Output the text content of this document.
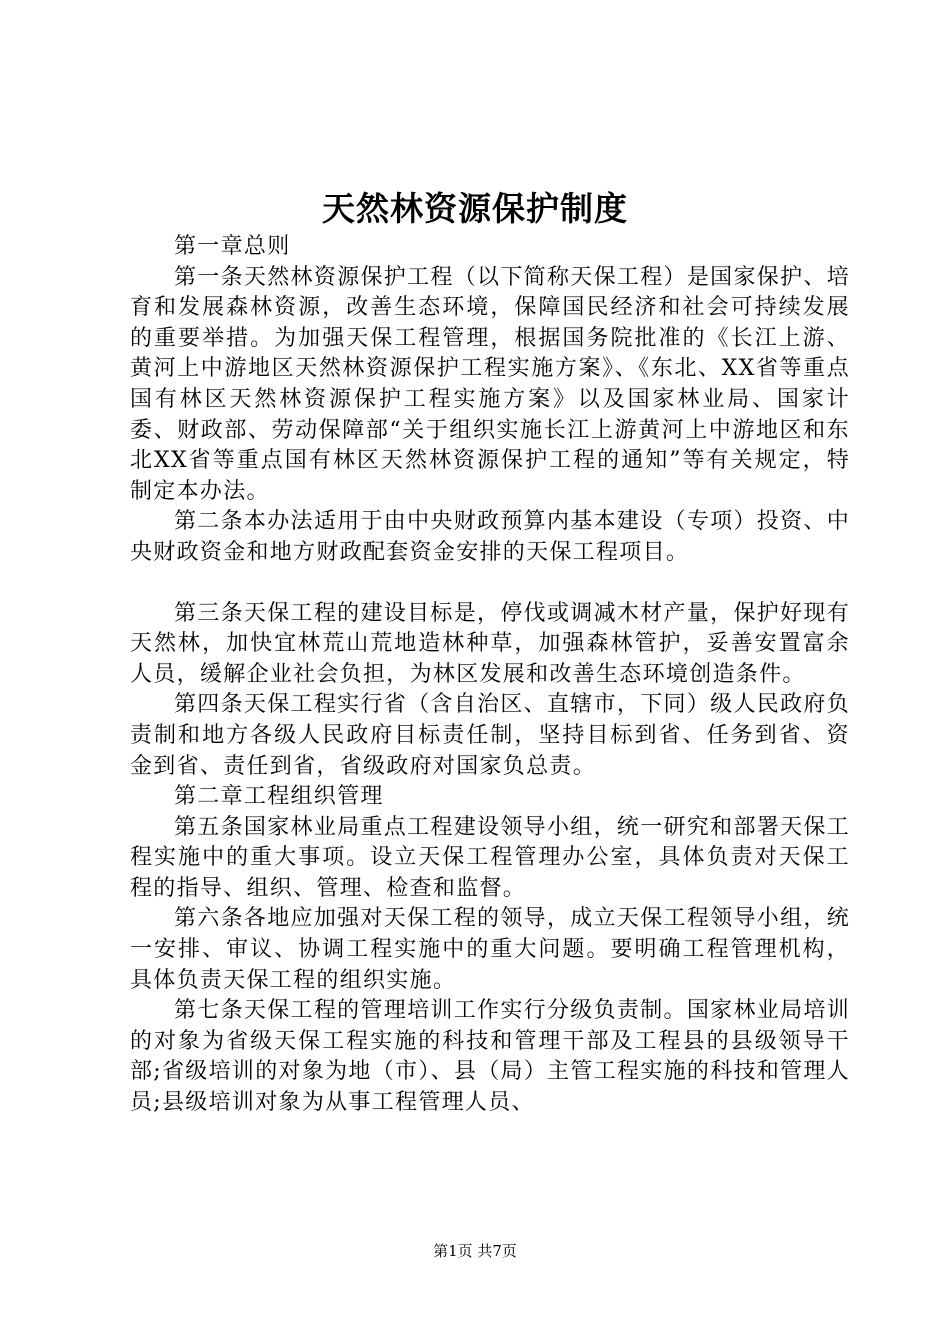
天然林资源保护制度

第一章总则

第一条天然林资源保护工程（以下简称天保工程）是国家保护、培育和发展森林资源，改善生态环境，保障国民经济和社会可持续发展的重要举措。为加强天保工程管理，根据国务院批准的《长江上游、黄河上中游地区天然林资源保护工程实施方案》、《东北、XX省等重点国有林区天然林资源保护工程实施方案》以及国家林业局、国家计委、财政部、劳动保障部“关于组织实施长江上游黄河上中游地区和东北XX省等重点国有林区天然林资源保护工程的通知”等有关规定，特制定本办法。

第二条本办法适用于由中央财政预算内基本建设（专项）投资、中央财政资金和地方财政配套资金安排的天保工程项目。

第三条天保工程的建设目标是，停伐或调减木材产量，保护好现有天然林，加快宜林荒山荒地造林种草，加强森林管护，妥善安置富余人员，缓解企业社会负担，为林区发展和改善生态环境创造条件。

第四条天保工程实行省（含自治区、直辖市，下同）级人民政府负责制和地方各级人民政府目标责任制，坚持目标到省、任务到省、资金到省、责任到省，省级政府对国家负总责。

第二章工程组织管理

第五条国家林业局重点工程建设领导小组，统一研究和部署天保工程实施中的重大事项。设立天保工程管理办公室，具体负责对天保工程的指导、组织、管理、检查和监督。

第六条各地应加强对天保工程的领导，成立天保工程领导小组，统一安排、审议、协调工程实施中的重大问题。要明确工程管理机构，具体负责天保工程的组织实施。

第七条天保工程的管理培训工作实行分级负责制。国家林业局培训的对象为省级天保工程实施的科技和管理干部及工程县的县级领导干部;省级培训的对象为地（市）、县（局）主管工程实施的科技和管理人员;县级培训对象为从事工程管理人员、

第1页 共7页
